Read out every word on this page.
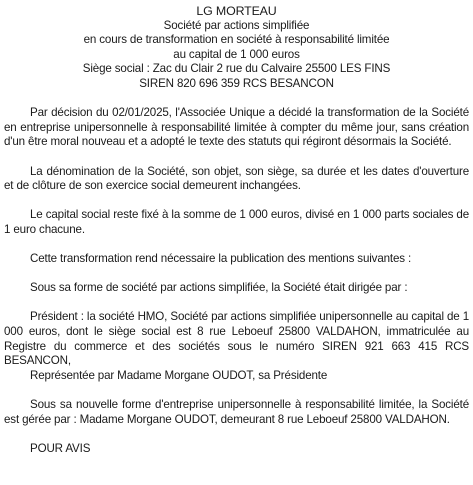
LG MORTEAU
Société par actions simplifiée
en cours de transformation en société à responsabilité limitée
au capital de 1 000 euros
Siège social : Zac du Clair 2 rue du Calvaire 25500 LES FINS
SIREN 820 696 359 RCS BESANCON

Par décision du 02/01/2025, l'Associée Unique a décidé la transformation de la Société en entreprise unipersonnelle à responsabilité limitée à compter du même jour, sans création d'un être moral nouveau et a adopté le texte des statuts qui régiront désormais la Société.

La dénomination de la Société, son objet, son siège, sa durée et les dates d'ouverture et de clôture de son exercice social demeurent inchangées.

Le capital social reste fixé à la somme de 1 000 euros, divisé en 1 000 parts sociales de 1 euro chacune.

Cette transformation rend nécessaire la publication des mentions suivantes :

Sous sa forme de société par actions simplifiée, la Société était dirigée par :

Président : la société HMO, Société par actions simplifiée unipersonnelle au capital de 1 000 euros, dont le siège social est 8 rue Leboeuf 25800 VALDAHON, immatriculée au Registre du commerce et des sociétés sous le numéro SIREN 921 663 415 RCS BESANCON,

Représentée par Madame Morgane OUDOT, sa Présidente

Sous sa nouvelle forme d'entreprise unipersonnelle à responsabilité limitée, la Société est gérée par : Madame Morgane OUDOT, demeurant 8 rue Leboeuf 25800 VALDAHON.

POUR AVIS
